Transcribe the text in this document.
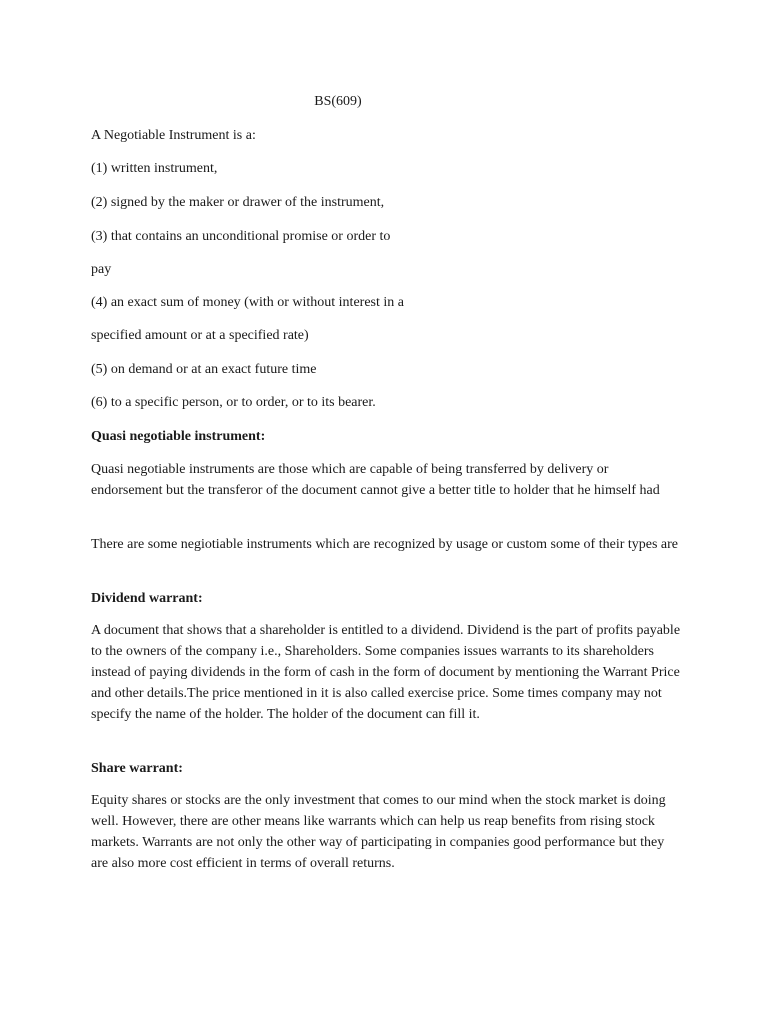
BS(609)
A Negotiable Instrument is a:
(1) written instrument,
(2) signed by the maker or drawer of the instrument,
(3) that contains an unconditional promise or order to
pay
(4) an exact sum of money (with or without interest in a
specified amount or at a specified rate)
(5) on demand or at an exact future time
(6) to a specific person, or to order, or to its bearer.
Quasi negotiable instrument:
Quasi negotiable instruments are those which are capable of being transferred by delivery or endorsement but the transferor of the document cannot give a better title to holder that he himself had
There are some negiotiable instruments which are recognized by usage or custom some of their types are
Dividend warrant:
A document that shows that a shareholder is entitled to a dividend. Dividend is the part of profits payable to the owners of the company i.e., Shareholders. Some companies issues warrants to its shareholders instead of paying dividends in the form of cash in the form of document by mentioning the Warrant Price and other details.The price mentioned in it is also called exercise price. Some times company may not specify the name of the holder. The holder of the document can fill it.
Share warrant:
Equity shares or stocks are the only investment that comes to our mind when the stock market is doing well. However, there are other means like warrants which can help us reap benefits from rising stock markets. Warrants are not only the other way of participating in companies good performance but they are also more cost efficient in terms of overall returns.
